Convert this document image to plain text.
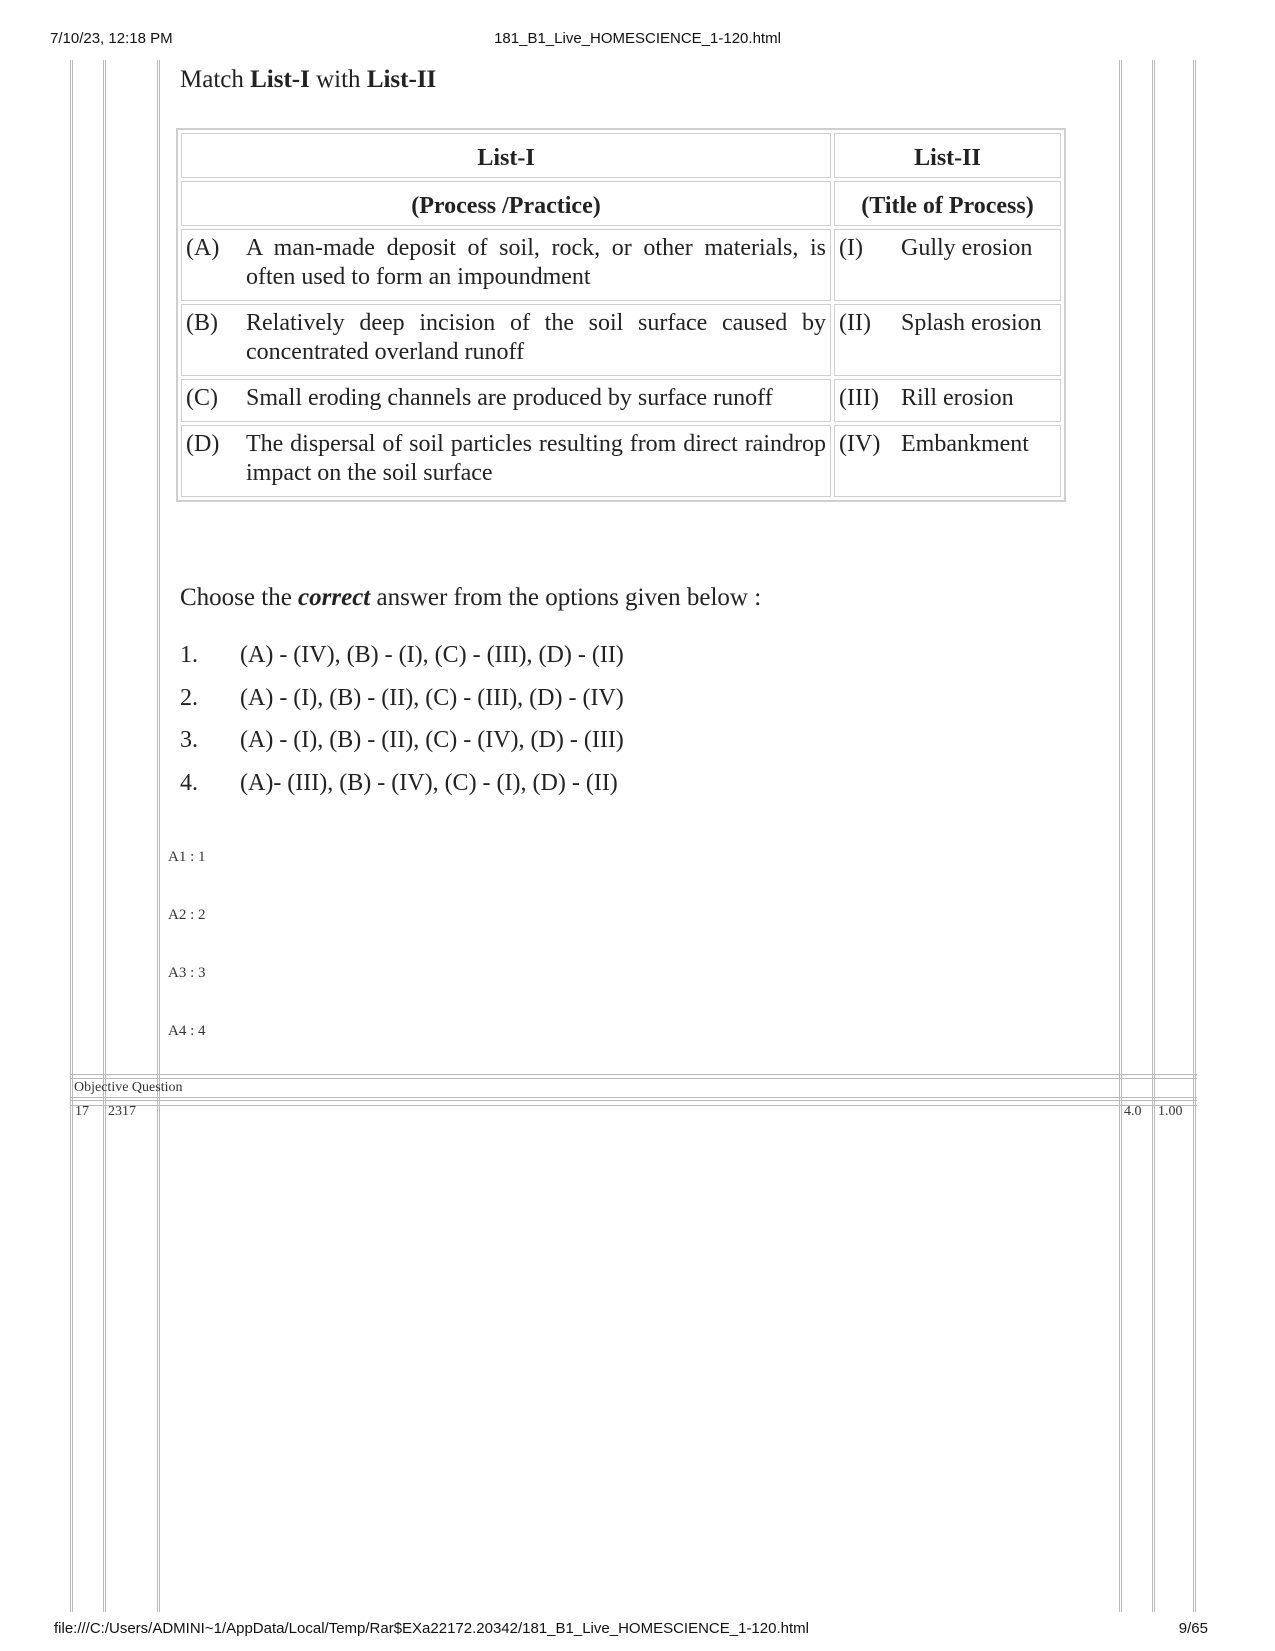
7/10/23, 12:18 PM	181_B1_Live_HOMESCIENCE_1-120.html
Match List-I with List-II
List-I	List-II
(Process /Practice)	(Title of Process)

(A) A man-made deposit of soil, rock, or other materials, is often used to form an impoundment	(I) Gully erosion

(B) Relatively deep incision of the soil surface caused by concentrated overland runoff	(II) Splash erosion

(C) Small eroding channels are produced by surface runoff	(III) Rill erosion

(D) The dispersal of soil particles resulting from direct raindrop impact on the soil surface	(IV) Embankment
Choose the correct answer from the options given below :
1.	(A) - (IV), (B) - (I), (C) - (III), (D) - (II)
2.	(A) - (I), (B) - (II), (C) - (III), (D) - (IV)
3.	(A) - (I), (B) - (II), (C) - (IV), (D) - (III)
4.	(A)- (III), (B) - (IV), (C) - (I), (D) - (II)
A1 : 1
A2 : 2
A3 : 3
A4 : 4
Objective Question
17 2317	4.0 1.00
file:///C:/Users/ADMINI~1/AppData/Local/Temp/Rar$EXa22172.20342/181_B1_Live_HOMESCIENCE_1-120.html	9/65
